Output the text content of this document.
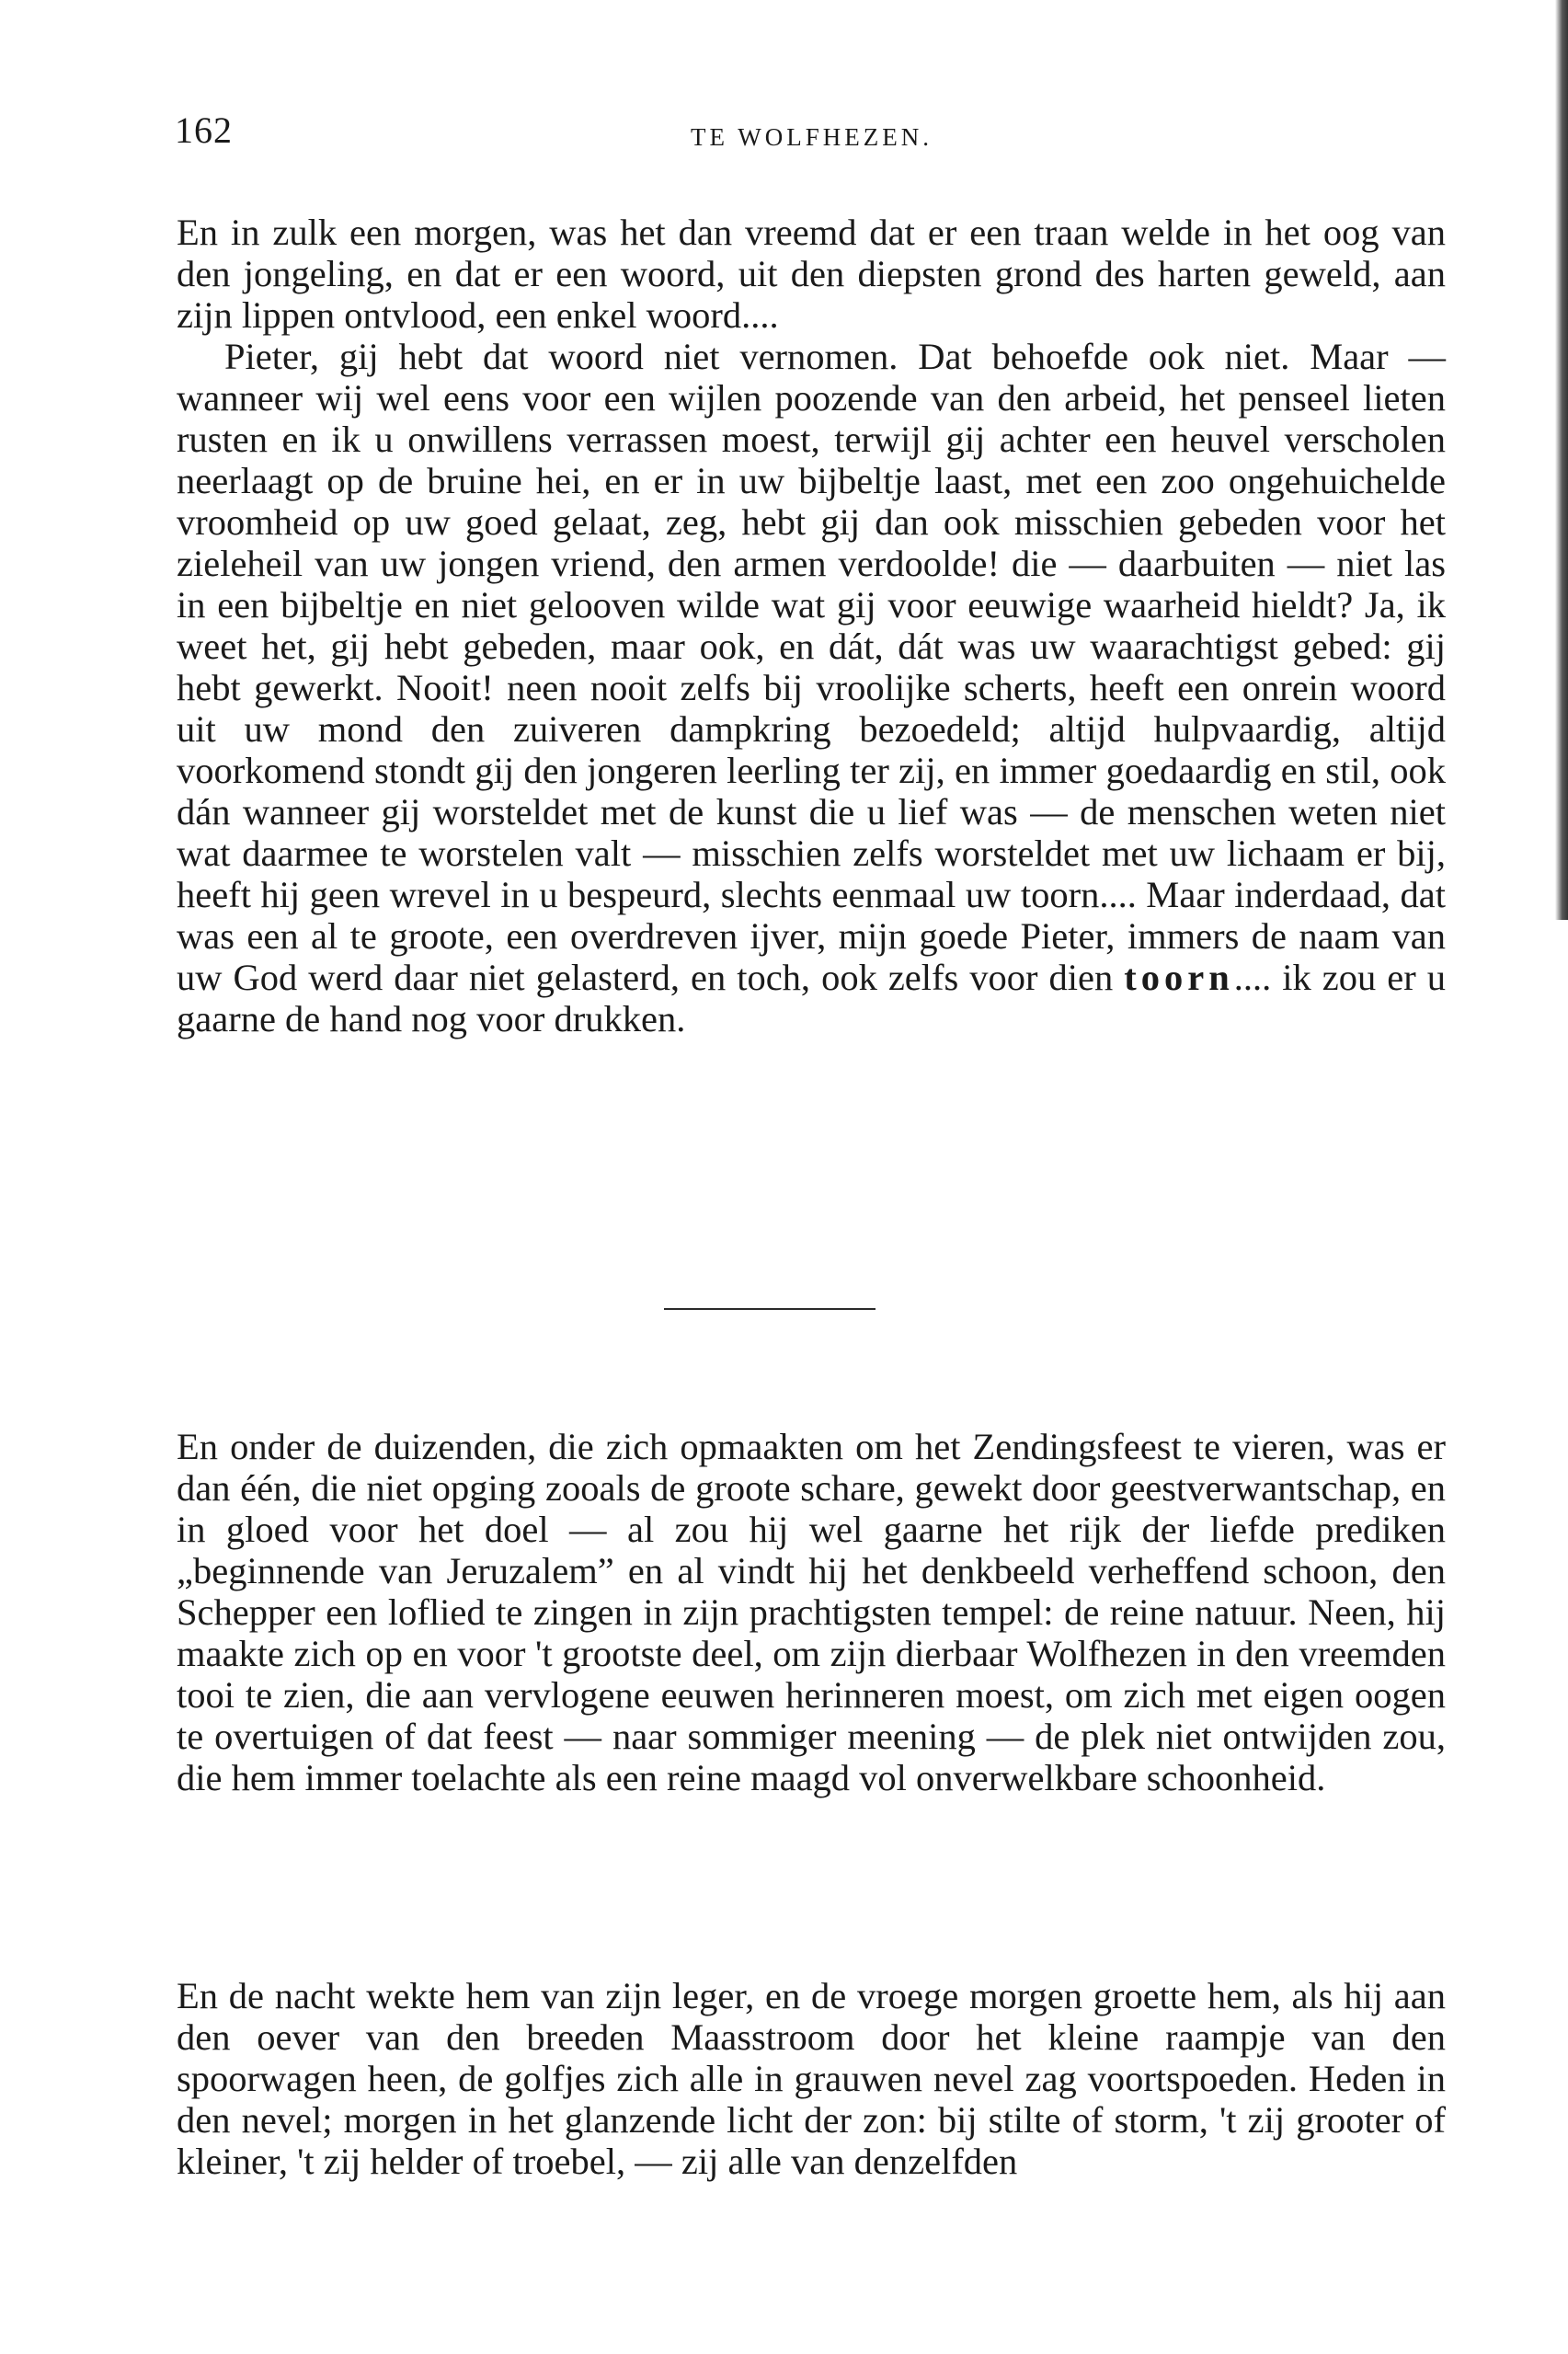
162	TE WOLFHEZEN.

En in zulk een morgen, was het dan vreemd dat er een traan welde in het oog van den jongeling, en dat er een woord, uit den diepsten grond des harten geweld, aan zijn lippen ontvlood, een enkel woord....

Pieter, gij hebt dat woord niet vernomen. Dat behoefde ook niet. Maar — wanneer wij wel eens voor een wijlen poozende van den arbeid, het penseel lieten rusten en ik u onwillens verrassen moest, terwijl gij achter een heuvel verscholen neerlaagt op de bruine hei, en er in uw bijbeltje laast, met een zoo ongehuichelde vroomheid op uw goed gelaat, zeg, hebt gij dan ook misschien gebeden voor het zieleheil van uw jongen vriend, den armen verdoolde! die — daarbuiten — niet las in een bijbeltje en niet geloovеn wilde wat gij voor eeuwige waarheid hieldt? Ja, ik weet het, gij hebt gebeden, maar ook, en dát, dát was uw waarachtigst gebed: gij hebt gewerkt. Nooit! neen nooit zelfs bij vroolijke scherts, heeft een onrein woord uit uw mond den zuiveren dampkring bezoedeld; altijd hulpvaardig, altijd voorkomend stondt gij den jongeren leerling ter zij, en immer goedaardig en stil, ook dán wanneer gij worsteldet met de kunst die u lief was — de menschen weten niet wat daarmee te worstelen valt — misschien zelfs worsteldet met uw lichaam er bij, heeft hij geen wrevel in u bespeurd, slechts eenmaal uw toorn.... Maar inderdaad, dat was een al te groote, een overdreven ijver, mijn goede Pieter, immers de naam van uw God werd daar niet gelasterd, en toch, ook zelfs voor dien toorn.... ik zou er u gaarne de hand nog voor drukken.

En onder de duizenden, die zich opmaakten om het Zendingsfeest te vieren, was er dan één, die niet opging zooals de groote schare, gewekt door geestverwantschap, en in gloed voor het doel — al zou hij wel gaarne het rijk der liefde prediken „beginnende van Jeruzalem” en al vindt hij het denkbeeld verheffend schoon, den Schepper een loflied te zingen in zijn prachtigsten tempel: de reine natuur. Neen, hij maakte zich op en voor 't grootste deel, om zijn dierbaar Wolfhezen in den vreemden tooi te zien, die aan vervlogene eeuwen herinneren moest, om zich met eigen oogen te overtuigen of dat feest — naar sommiger meening — de plek niet ontwijden zou, die hem immer toelachte als een reine maagd vol onverwelkbare schoonheid.

En de nacht wekte hem van zijn leger, en de vroege morgen groette hem, als hij aan den oever van den breeden Maasstroom door het kleine raampje van den spoorwagen heen, de golfjes zich alle in grauwen nevel zag voortspoeden. Heden in den nevel; morgen in het glanzende licht der zon: bij stilte of storm, 't zij grooter of kleiner, 't zij helder of troebel, — zij alle van denzelfden
